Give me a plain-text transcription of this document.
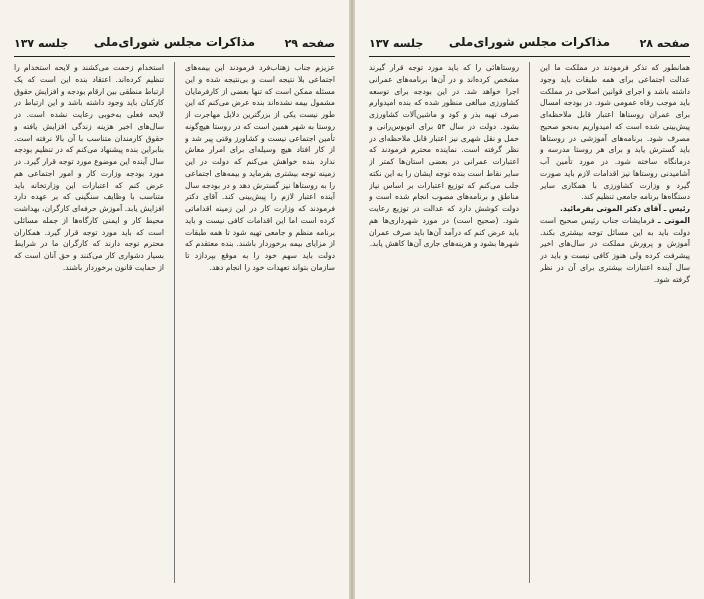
صفحه ۲۹
مذاکرات مجلس شورای‌ملی
جلسه ۱۳۷

عزیزم جناب زهتاب‌فرد فرمودند این بیمه‌های اجتماعی بلا نتیجه است و بی‌نتیجه شده و این مسئله ممکن است که تنها بعضی از کارفرمایان مشمول بیمه نشده‌اند بنده عرض می‌کنم که این طور نیست یکی از بزرگترین دلایل مهاجرت از روستا به شهر همین است که در روستا هیچ‌گونه تأمین اجتماعی نیست و کشاورز وقتی پیر شد و از کار افتاد هیچ وسیله‌ای برای امرار معاش ندارد بنده خواهش می‌کنم که دولت در این زمینه توجه بیشتری بفرماید و بیمه‌های اجتماعی را به روستاها نیز گسترش دهد و در بودجه سال آینده اعتبار لازم را پیش‌بینی کند. آقای دکتر فرمودند که وزارت کار در این زمینه اقداماتی کرده است اما این اقدامات کافی نیست و باید برنامه منظم و جامعی تهیه شود تا همه طبقات از مزایای بیمه برخوردار باشند. بنده معتقدم که دولت باید سهم خود را به موقع بپردازد تا سازمان بتواند تعهدات خود را انجام دهد.

استخدام زحمت می‌کشند و لایحه استخدام را تنظیم کرده‌اند. اعتقاد بنده این است که یک ارتباط منطقی بین ارقام بودجه و افزایش حقوق کارکنان باید وجود داشته باشد و این ارتباط در لایحه فعلی به‌خوبی رعایت نشده است. در سال‌های اخیر هزینه زندگی افزایش یافته و حقوق کارمندان متناسب با آن بالا نرفته است. بنابراین بنده پیشنهاد می‌کنم که در تنظیم بودجه سال آینده این موضوع مورد توجه قرار گیرد. در مورد بودجه وزارت کار و امور اجتماعی هم عرض کنم که اعتبارات این وزارتخانه باید متناسب با وظایف سنگینی که بر عهده دارد افزایش یابد. آموزش حرفه‌ای کارگران، بهداشت محیط کار و ایمنی کارگاه‌ها از جمله مسائلی است که باید مورد توجه قرار گیرد. همکاران محترم توجه دارند که کارگران ما در شرایط بسیار دشواری کار می‌کنند و حق آنان است که از حمایت قانون برخوردار باشند.

صفحه ۲۸
مذاکرات مجلس شورای‌ملی
جلسه ۱۳۷

همانطور که تذکر فرمودند در مملکت ما این عدالت اجتماعی برای همه طبقات باید وجود داشته باشد و اجرای قوانین اصلاحی در مملکت باید موجب رفاه عمومی شود. در بودجه امسال برای عمران روستاها اعتبار قابل ملاحظه‌ای پیش‌بینی شده است که امیدواریم به‌نحو صحیح مصرف شود. برنامه‌های آموزشی در روستاها باید گسترش یابد و برای هر روستا مدرسه و درمانگاه ساخته شود. در مورد تأمین آب آشامیدنی روستاها نیز اقدامات لازم باید صورت گیرد و وزارت کشاورزی با همکاری سایر دستگاه‌ها برنامه جامعی تنظیم کند.

رئیس ـ آقای دکتر الموتی بفرمائید.

الموتی ـ فرمایشات جناب رئیس صحیح است دولت باید به این مسائل توجه بیشتری بکند. آموزش و پرورش مملکت در سال‌های اخیر پیشرفت کرده ولی هنوز کافی نیست و باید در سال آینده اعتبارات بیشتری برای آن در نظر گرفته شود.

روستاهائی را که باید مورد توجه قرار گیرند مشخص کرده‌اند و در آن‌ها برنامه‌های عمرانی اجرا خواهد شد. در این بودجه برای توسعه کشاورزی مبالغی منظور شده که بنده امیدوارم صرف تهیه بذر و کود و ماشین‌آلات کشاورزی بشود. دولت در سال ۵۳ برای اتوبوس‌رانی و حمل و نقل شهری نیز اعتبار قابل ملاحظه‌ای در نظر گرفته است. نماینده محترم فرمودند که اعتبارات عمرانی در بعضی استان‌ها کمتر از سایر نقاط است بنده توجه ایشان را به این نکته جلب می‌کنم که توزیع اعتبارات بر اساس نیاز مناطق و برنامه‌های مصوب انجام شده است و دولت کوشش دارد که عدالت در توزیع رعایت شود. (صحیح است) در مورد شهرداری‌ها هم باید عرض کنم که درآمد آن‌ها باید صرف عمران شهرها بشود و هزینه‌های جاری آن‌ها کاهش یابد.
